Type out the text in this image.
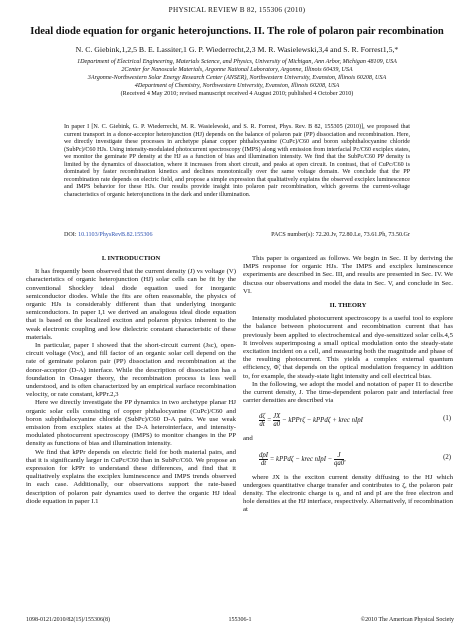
PHYSICAL REVIEW B 82, 155306 (2010)
Ideal diode equation for organic heterojunctions. II. The role of polaron pair recombination
N. C. Giebink,1,2,5 B. E. Lassiter,1 G. P. Wiederrecht,2,3 M. R. Wasielewski,3,4 and S. R. Forrest1,5,*
1Department of Electrical Engineering, Materials Science, and Physics, University of Michigan, Ann Arbor, Michigan 48109, USA
2Center for Nanoscale Materials, Argonne National Laboratory, Argonne, Illinois 60439, USA
3Argonne-Northwestern Solar Energy Research Center (ANSER), Northwestern University, Evanston, Illinois 60208, USA
4Department of Chemistry, Northwestern University, Evanston, Illinois 60208, USA
(Received 4 May 2010; revised manuscript received 4 August 2010; published 4 October 2010)
In paper I [N. C. Giebink, G. P. Wiederrecht, M. R. Wasielewski, and S. R. Forrest, Phys. Rev. B 82, 155305 (2010)], we proposed that current transport in a donor-acceptor heterojunction (HJ) depends on the balance of polaron pair (PP) dissociation and recombination. Here, we directly investigate these processes in archetype planar copper phthalocyanine (CuPc)/C60 and boron subphthalocyanine chloride (SubPc)/C60 HJs. Using intensity-modulated photocurrent spectroscopy (IMPS) along with emission from interfacial Pc/C60 exciplex states, we monitor the geminate PP density at the HJ as a function of bias and illumination intensity. We find that the SubPc/C60 PP density is limited by the dynamics of dissociation, where it increases from short circuit, and peaks at open circuit. In contrast, that of CuPc/C60 is dominated by faster recombination kinetics and declines monotonically over the same voltage domain. We conclude that the PP recombination rate depends on electric field, and propose a simple expression that qualitatively explains the observed exciplex luminescence and IMPS behavior for these HJs. Our results provide insight into polaron pair recombination, which governs the current-voltage characteristics of organic heterojunctions in the dark and under illumination.
DOI: 10.1103/PhysRevB.82.155306	PACS number(s): 72.20.Jv, 72.80.Le, 73.61.Ph, 73.50.Gr
I. INTRODUCTION

It has frequently been observed that the current density (J) vs voltage (V) characteristics of organic heterojunction (HJ) solar cells can be fit by the conventional Shockley ideal diode equation used for inorganic semiconductor diodes. While the fits are often reasonable, the physics of organic HJs is considerably different than that underlying inorganic semiconductors. In paper I,1 we derived an analogous ideal diode equation that is based on the localized exciton and polaron physics inherent to the weak electronic coupling and low dielectric constant characteristic of these materials.

In particular, paper I showed that the short-circuit current (Jsc), open-circuit voltage (Voc), and fill factor of an organic solar cell depend on the rate of geminate polaron pair (PP) dissociation and recombination at the donor-acceptor (D-A) interface. While the description of dissociation has a foundation in Onsager theory, the recombination process is less well understood, and is often characterized by an empirical surface recombination velocity, or rate constant, kPPr.2,3

Here we directly investigate the PP dynamics in two archetype planar HJ organic solar cells consisting of copper phthalocyanine (CuPc)/C60 and boron subphthalocyanine chloride (SubPc)/C60 D-A pairs. We use weak emission from exciplex states at the D-A heterointerface, and intensity-modulated photocurrent spectroscopy (IMPS) to monitor changes in the PP density as functions of bias and illumination intensity.

We find that kPPr depends on electric field for both material pairs, and that it is significantly larger in CuPc/C60 than in SubPc/C60. We propose an expression for kPPr to understand these differences, and find that it qualitatively explains the exciplex luminescence and IMPS trends observed in each case. Additionally, our observations support the rate-based description of polaron pair dynamics used to derive the organic HJ ideal diode equation in paper I.1

This paper is organized as follows. We begin in Sec. II by deriving the IMPS response for organic HJs. The IMPS and exciplex luminescence experiments are described in Sec. III, and results are presented in Sec. IV. We discuss our observations and model the data in Sec. V, and conclude in Sec. VI.

II. THEORY

Intensity modulated photocurrent spectroscopy is a useful tool to explore the balance between photocurrent and recombination current that has previously been applied to electrochemical and dye-sensitized solar cells.4,5 It involves superimposing a small optical modulation onto the steady-state excitation incident on a cell, and measuring both the magnitude and phase of the resulting photocurrent. This yields a complex external quantum efficiency, Φ̃, that depends on the optical modulation frequency in addition to, for example, the steady-state light intensity and cell electrical bias.

In the following, we adopt the model and notation of paper I1 to describe the current density, J. The time-dependent polaron pair and interfacial free carrier densities are described via

$\frac{d\zeta}{dt} = \frac{JX}{a0}$ − kPPrζ − kPPdζ + krec nIpI	(1)
and
$\frac{\text{dpI}}{dt}$ = kPPdζ − krec nIpI − $\frac{J}{qa0}$ ,	(2)

where JX is the exciton current density diffusing to the HJ which undergoes quantitative charge transfer and contributes to ζ, the polaron pair density. The electronic charge is q, and nI and pI are the free electron and hole densities at the HJ interface, respectively. Alternatively, if recombination at

1098-0121/2010/82(15)/155306(8)	155306-1	©2010 The American Physical Society
